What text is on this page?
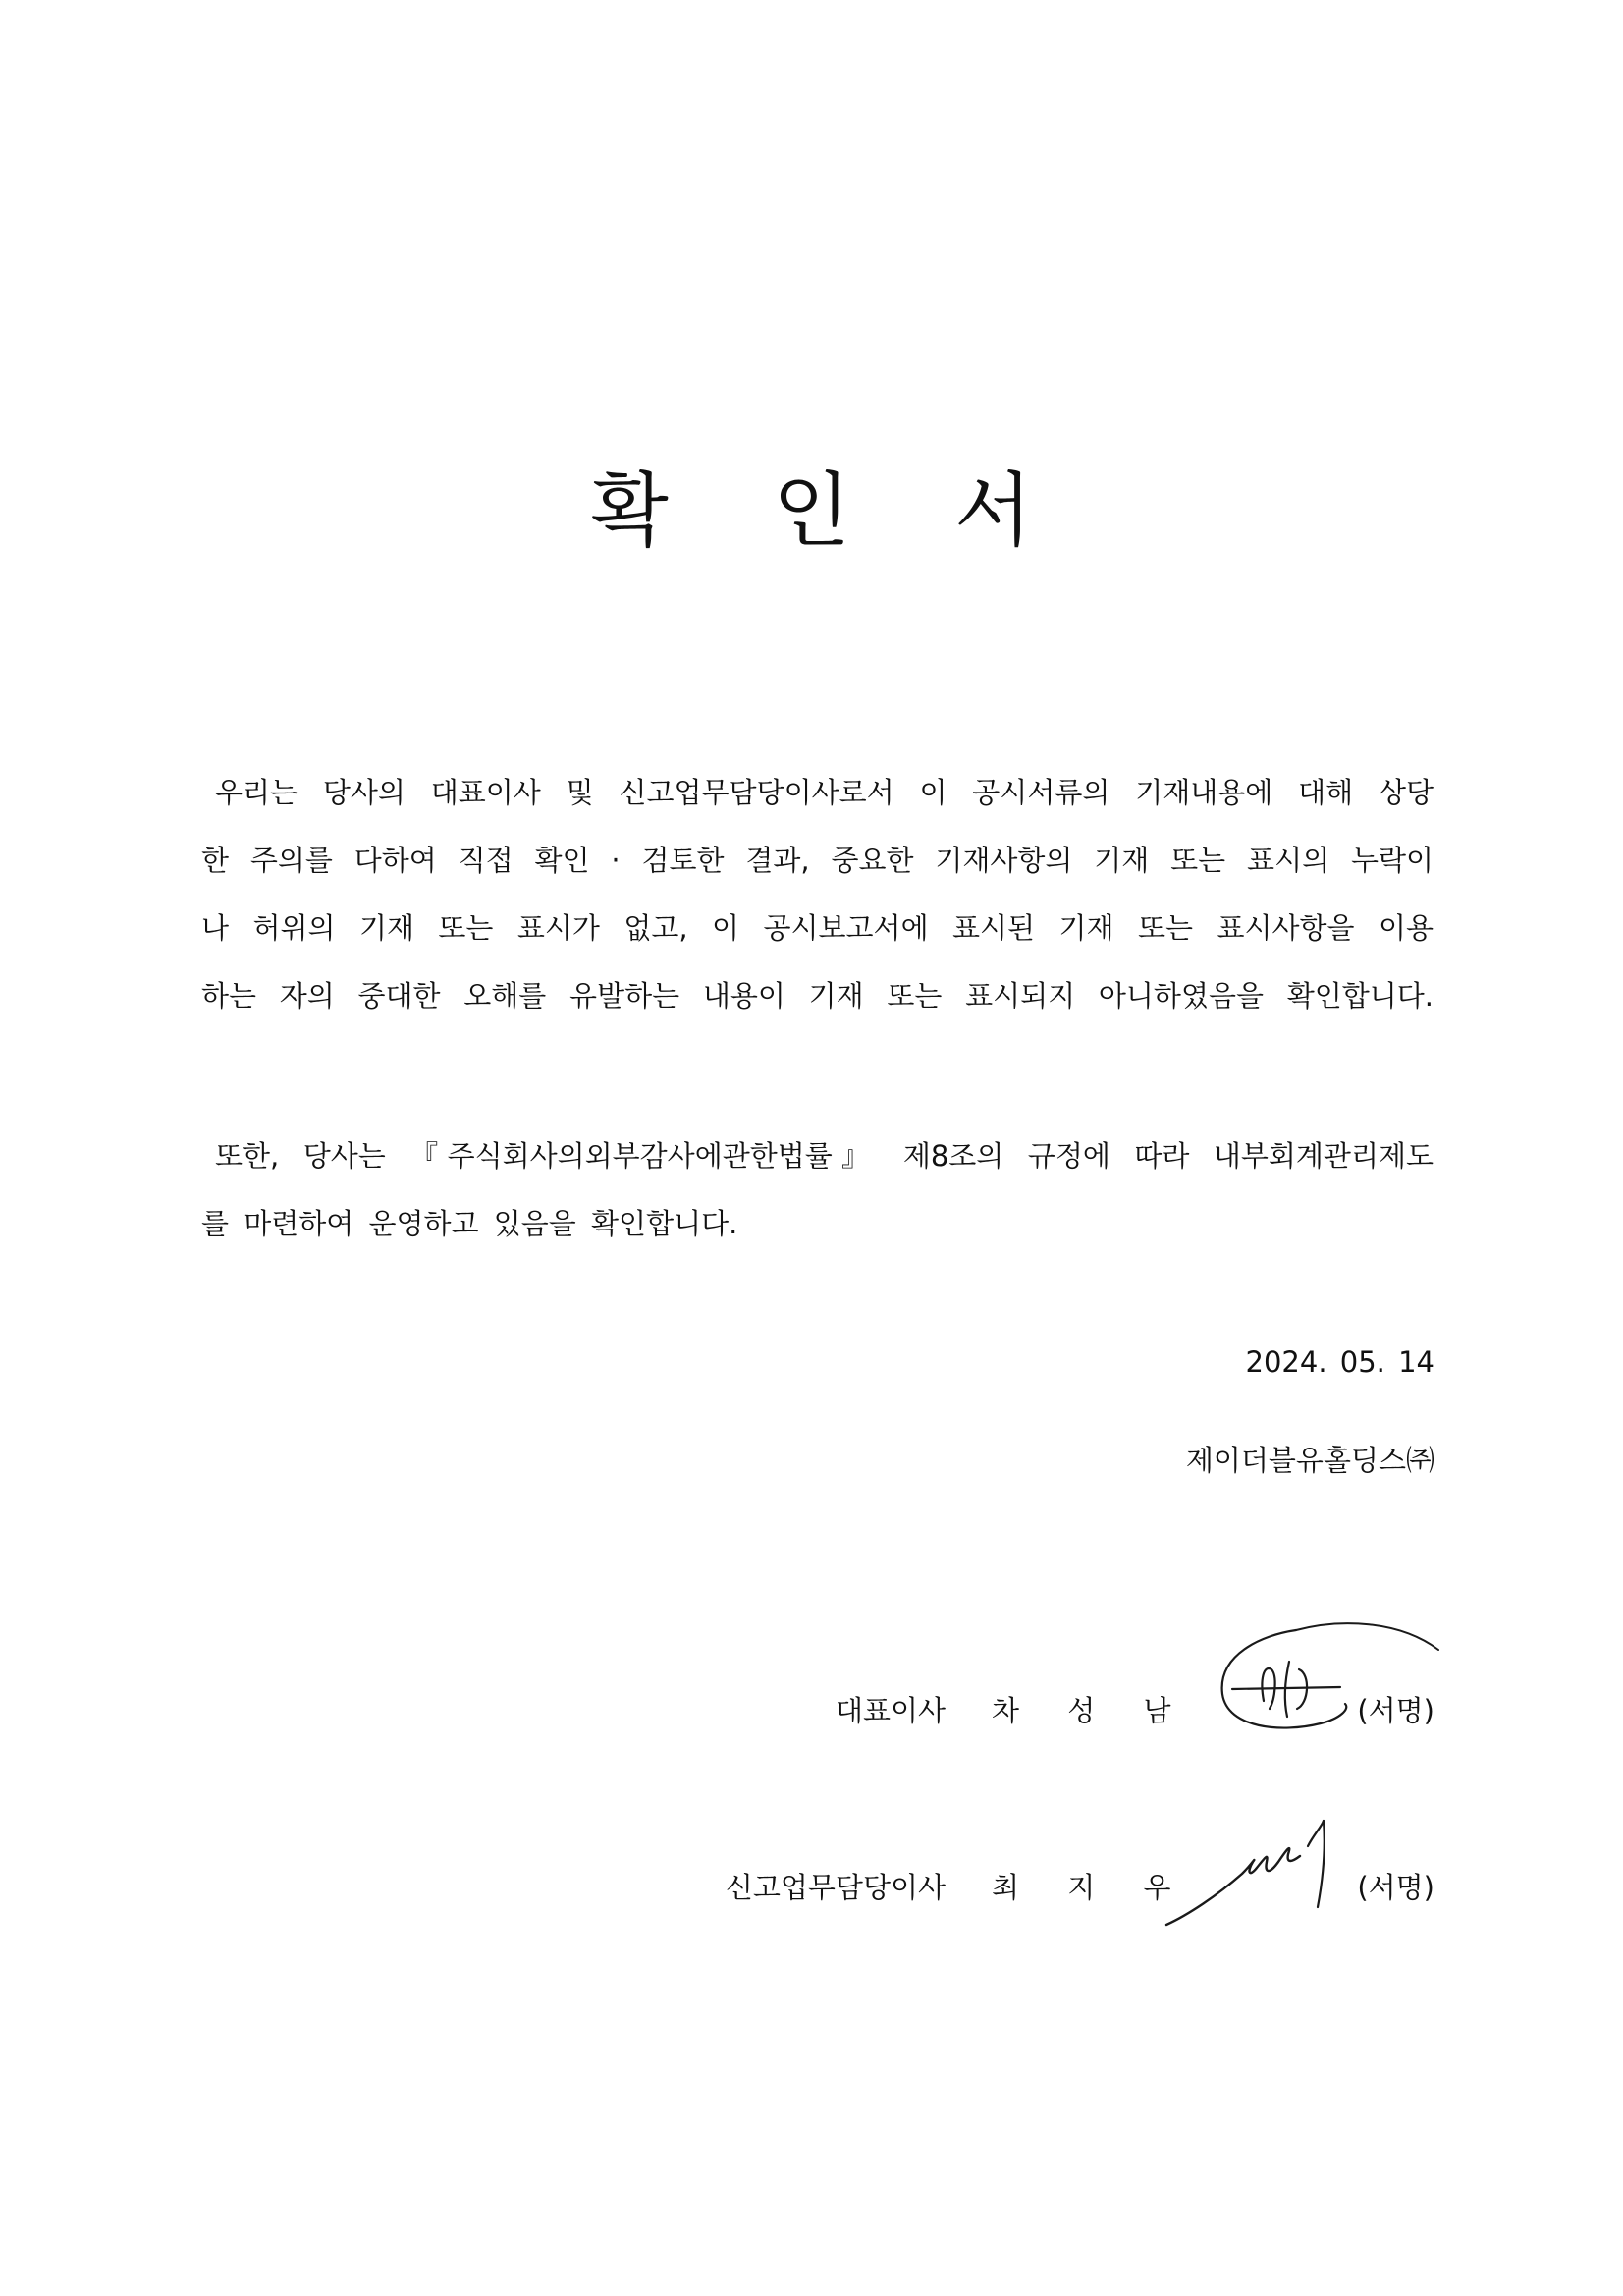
확 인 서
우리는 당사의 대표이사 및 신고업무담당이사로서 이 공시서류의 기재내용에 대해 상당
한 주의를 다하여 직접 확인 · 검토한 결과, 중요한 기재사항의 기재 또는 표시의 누락이
나 허위의 기재 또는 표시가 없고, 이 공시보고서에 표시된 기재 또는 표시사항을 이용
하는 자의 중대한 오해를 유발하는 내용이 기재 또는 표시되지 아니하였음을 확인합니다.
또한, 당사는 『주식회사의외부감사에관한법률』 제8조의 규정에 따라 내부회계관리제도
를 마련하여 운영하고 있음을 확인합니다.
2024. 05. 14
제이더블유홀딩스㈜
대표이사 차 성 남	(서명)
신고업무담당이사 최 지 우	(서명)
